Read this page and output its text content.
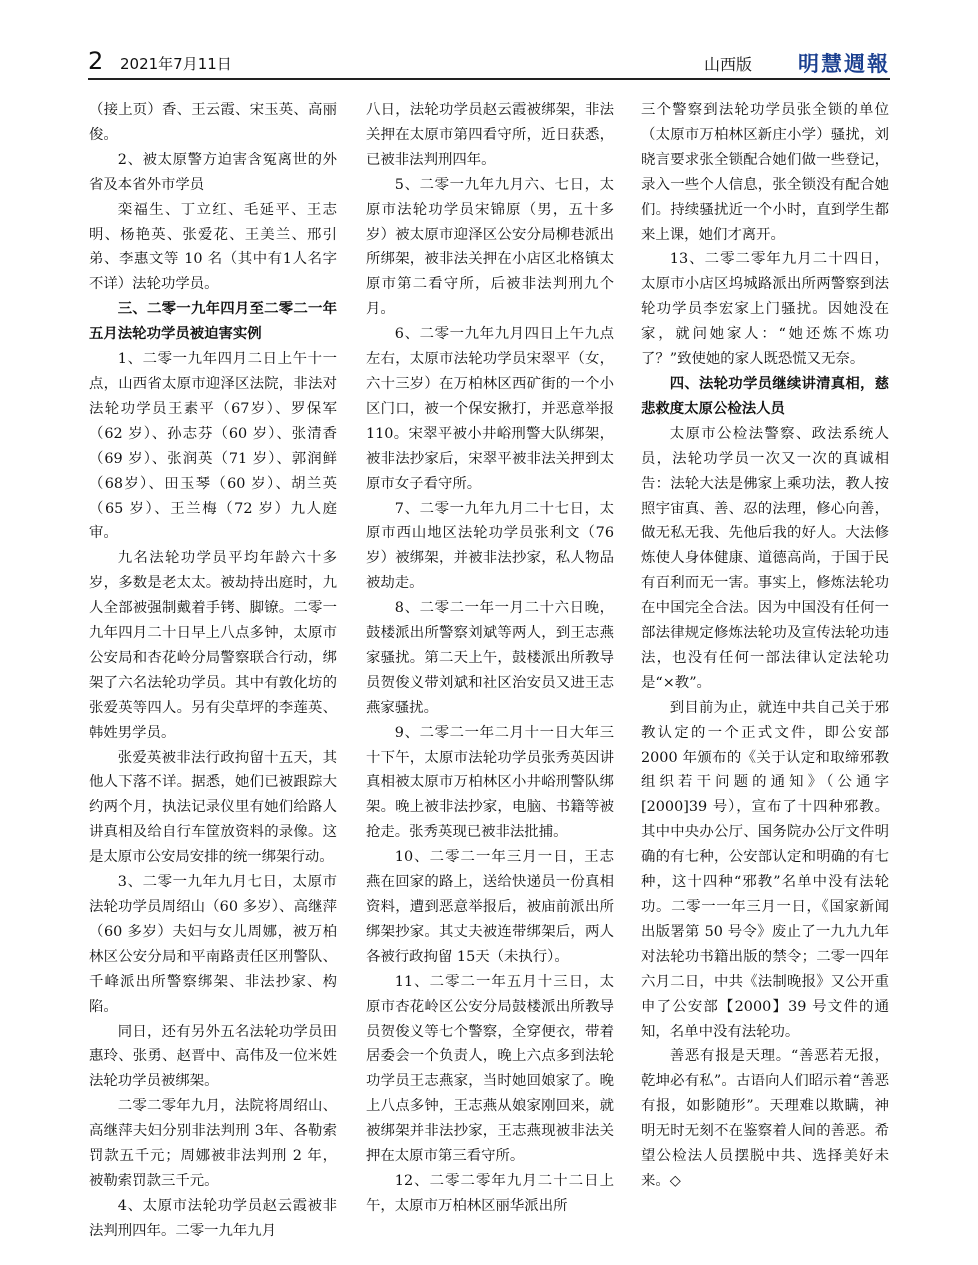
2 2021年7月11日	山西版 明慧週報

（接上页）香、王云霞、宋玉英、高丽俊。

2、被太原警方迫害含冤离世的外省及本省外市学员

栾福生、丁立红、毛延平、王志明、杨艳英、张爱花、王美兰、邢引弟、李惠文等 10 名（其中有1人名字不详）法轮功学员。

三、二零一九年四月至二零二一年五月法轮功学员被迫害实例

1、二零一九年四月二日上午十一点，山西省太原市迎泽区法院，非法对法轮功学员王素平（67岁）、罗保军（62 岁）、孙志芬（60 岁）、张清香（69 岁）、张润英（71 岁）、郭润鲜（68岁）、田玉琴（60 岁）、胡兰英（65 岁）、王兰梅（72 岁）九人庭审。

九名法轮功学员平均年龄六十多岁，多数是老太太。被劫持出庭时，九人全部被强制戴着手铐、脚镣。二零一九年四月二十日早上八点多钟，太原市公安局和杏花岭分局警察联合行动，绑架了六名法轮功学员。其中有敦化坊的张爱英等四人。另有尖草坪的李莲英、韩姓男学员。

张爱英被非法行政拘留十五天，其他人下落不详。据悉，她们已被跟踪大约两个月，执法记录仪里有她们给路人讲真相及给自行车筐放资料的录像。这是太原市公安局安排的统一绑架行动。

3、二零一九年九月七日，太原市法轮功学员周绍山（60 多岁）、高继萍（60 多岁）夫妇与女儿周娜，被万柏林区公安分局和平南路责任区刑警队、千峰派出所警察绑架、非法抄家、构陷。

同日，还有另外五名法轮功学员田惠玲、张勇、赵晋中、高伟及一位米姓法轮功学员被绑架。

二零二零年九月，法院将周绍山、高继萍夫妇分别非法判刑 3年、各勒索罚款五千元；周娜被非法判刑 2 年，被勒索罚款三千元。

4、太原市法轮功学员赵云霞被非法判刑四年。二零一九年九月

八日，法轮功学员赵云霞被绑架，非法关押在太原市第四看守所，近日获悉，已被非法判刑四年。

5、二零一九年九月六、七日，太原市法轮功学员宋锦原（男，五十多岁）被太原市迎泽区公安分局柳巷派出所绑架，被非法关押在小店区北格镇太原市第二看守所，后被非法判刑九个月。

6、二零一九年九月四日上午九点左右，太原市法轮功学员宋翠平（女，六十三岁）在万柏林区西矿街的一个小区门口，被一个保安揪打，并恶意举报 110。宋翠平被小井峪刑警大队绑架，被非法抄家后，宋翠平被非法关押到太原市女子看守所。

7、二零一九年九月二十七日，太原市西山地区法轮功学员张利文（76 岁）被绑架，并被非法抄家，私人物品被劫走。

8、二零二一年一月二十六日晚，鼓楼派出所警察刘斌等两人，到王志燕家骚扰。第二天上午，鼓楼派出所教导员贺俊义带刘斌和社区治安员又进王志燕家骚扰。

9、二零二一年二月十一日大年三十下午，太原市法轮功学员张秀英因讲真相被太原市万柏林区小井峪刑警队绑架。晚上被非法抄家，电脑、书籍等被抢走。张秀英现已被非法批捕。

10、二零二一年三月一日，王志燕在回家的路上，送给快递员一份真相资料，遭到恶意举报后，被庙前派出所绑架抄家。其丈夫被连带绑架后，两人各被行政拘留 15天（未执行）。

11、二零二一年五月十三日，太原市杏花岭区公安分局鼓楼派出所教导员贺俊义等七个警察，全穿便衣，带着居委会一个负责人，晚上六点多到法轮功学员王志燕家，当时她回娘家了。晚上八点多钟，王志燕从娘家刚回来，就被绑架并非法抄家，王志燕现被非法关押在太原市第三看守所。

12、二零二零年九月二十二日上午，太原市万柏林区丽华派出所

三个警察到法轮功学员张全锁的单位（太原市万柏林区新庄小学）骚扰，刘晓言要求张全锁配合她们做一些登记，录入一些个人信息，张全锁没有配合她们。持续骚扰近一个小时，直到学生都来上课，她们才离开。

13、二零二零年九月二十四日，太原市小店区坞城路派出所两警察到法轮功学员李宏家上门骚扰。因她没在家，就问她家人：“她还炼不炼功了？”致使她的家人既恐慌又无奈。

四、法轮功学员继续讲清真相，慈悲救度太原公检法人员

太原市公检法警察、政法系统人员，法轮功学员一次又一次的真诚相告：法轮大法是佛家上乘功法，教人按照宇宙真、善、忍的法理，修心向善，做无私无我、先他后我的好人。大法修炼使人身体健康、道德高尚，于国于民有百利而无一害。事实上，修炼法轮功在中国完全合法。因为中国没有任何一部法律规定修炼法轮功及宣传法轮功违法，也没有任何一部法律认定法轮功是“×教”。

到目前为止，就连中共自己关于邪教认定的一个正式文件，即公安部 2000 年颁布的《关于认定和取缔邪教组织若干问题的通知》（公通字[2000]39 号），宣布了十四种邪教。其中中央办公厅、国务院办公厅文件明确的有七种，公安部认定和明确的有七种，这十四种“邪教”名单中没有法轮功。二零一一年三月一日，《国家新闻出版署第 50 号令》废止了一九九九年对法轮功书籍出版的禁令；二零一四年六月二日，中共《法制晚报》又公开重申了公安部【2000】39 号文件的通知，名单中没有法轮功。

善恶有报是天理。“善恶若无报，乾坤必有私”。古语向人们昭示着“善恶有报，如影随形”。天理难以欺瞒，神明无时无刻不在鉴察着人间的善恶。希望公检法人员摆脱中共、选择美好未来。◇
